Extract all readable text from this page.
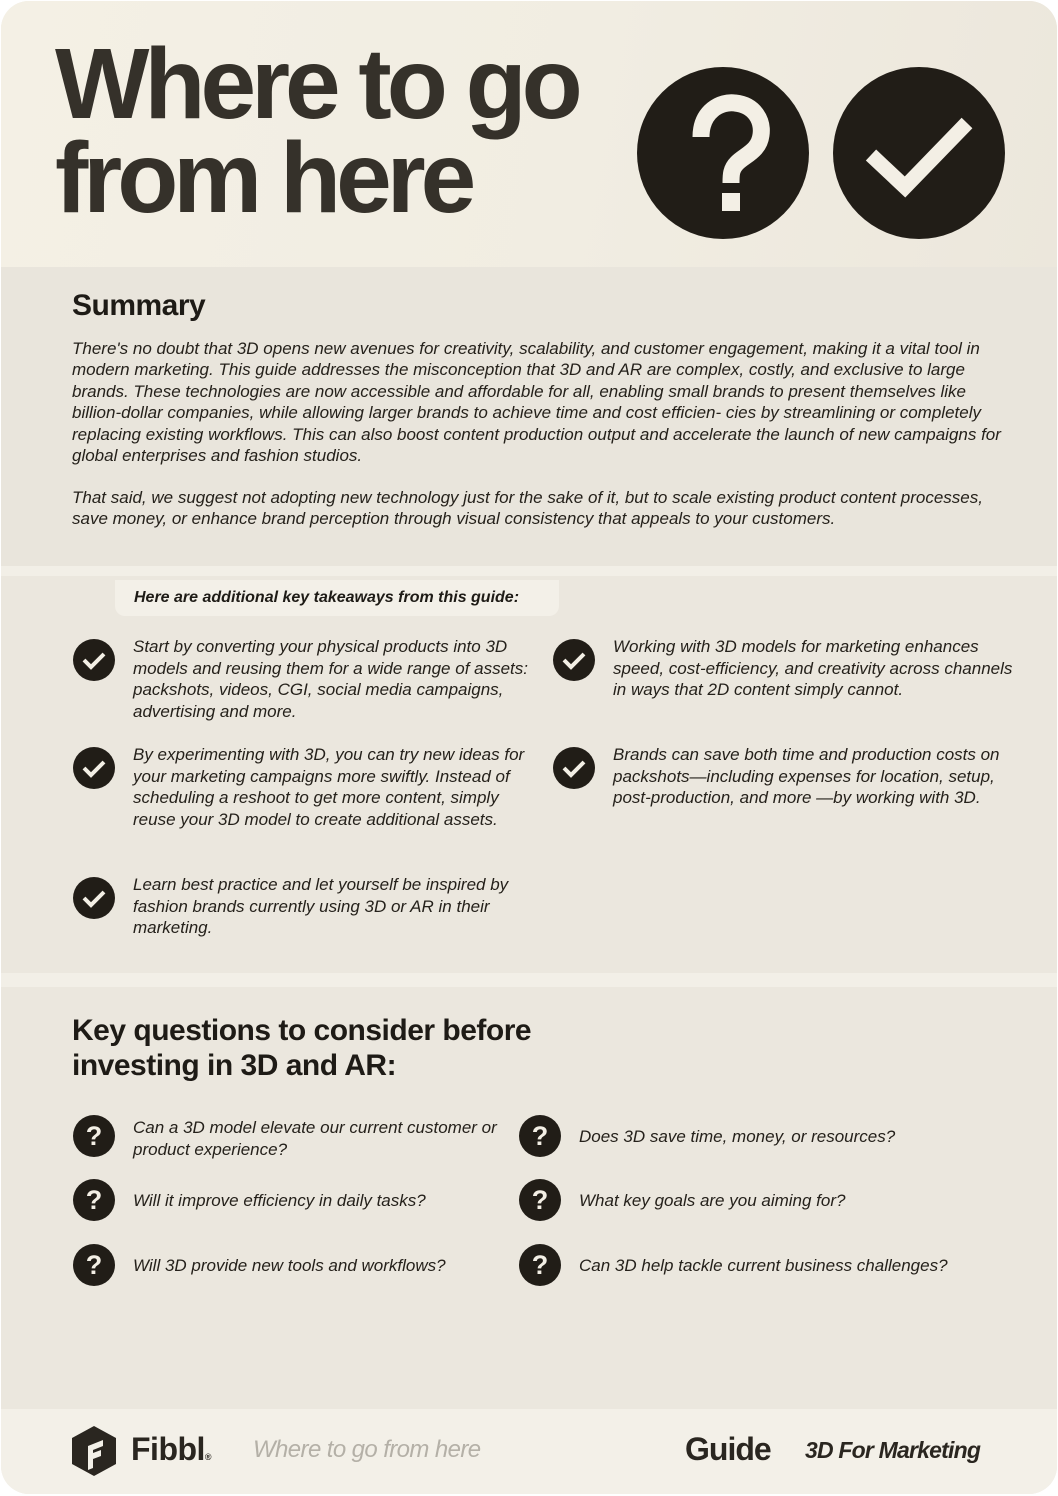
Where to go from here
Summary

There's no doubt that 3D opens new avenues for creativity, scalability, and customer engagement, making it a vital tool in modern marketing. This guide addresses the misconception that 3D and AR are complex, costly, and exclusive to large brands. These technologies are now accessible and affordable for all, enabling small brands to present themselves like billion-dollar companies, while allowing larger brands to achieve time and cost efficien- cies by streamlining or completely replacing existing workflows. This can also boost content production output and accelerate the launch of new campaigns for global enterprises and fashion studios.

That said, we suggest not adopting new technology just for the sake of it, but to scale existing product content processes, save money, or enhance brand perception through visual consistency that appeals to your customers.

Here are additional key takeaways from this guide:
Start by converting your physical products into 3D models and reusing them for a wide range of assets: packshots, videos, CGI, social media campaigns, advertising and more.
Working with 3D models for marketing enhances speed, cost-efficiency, and creativity across channels in ways that 2D content simply cannot.
By experimenting with 3D, you can try new ideas for your marketing campaigns more swiftly. Instead of scheduling a reshoot to get more content, simply reuse your 3D model to create additional assets.
Brands can save both time and production costs on packshots—including expenses for location, setup, post-production, and more —by working with 3D.
Learn best practice and let yourself be inspired by fashion brands currently using 3D or AR in their marketing.
Key questions to consider before investing in 3D and AR:
?	Can a 3D model elevate our current customer or product experience?	?	Does 3D save time, money, or resources?
?	Will it improve efficiency in daily tasks?	?	What key goals are you aiming for?
?	Will 3D provide new tools and workflows?	?	Can 3D help tackle current business challenges?
Fibbl® Where to go from here	Guide 3D For Marketing
